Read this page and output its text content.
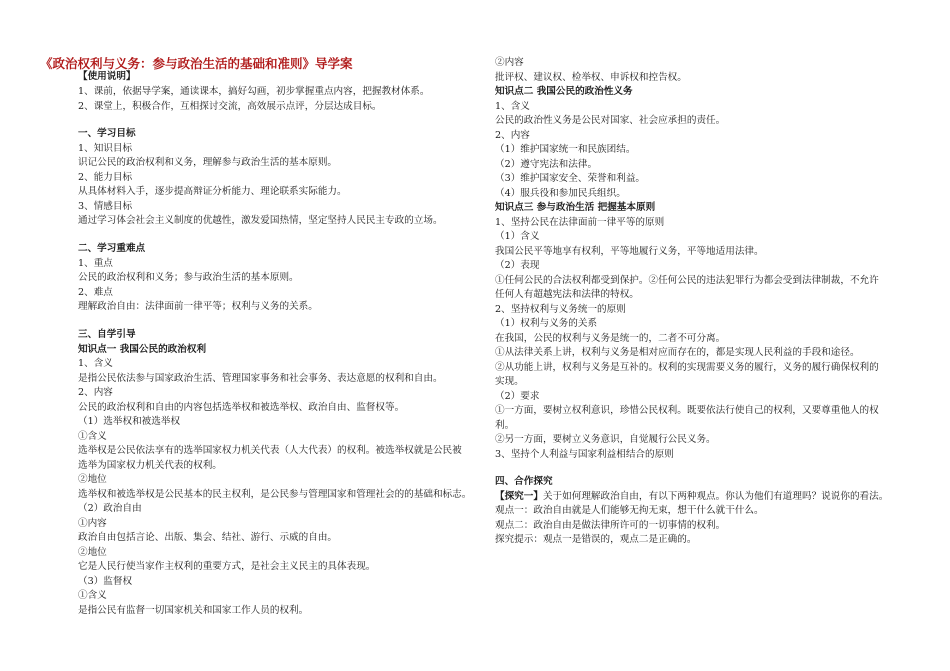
《政治权利与义务：参与政治生活的基础和准则》导学案
【使用说明】
1、课前，依据导学案，通读课本，搞好勾画，初步掌握重点内容，把握教材体系。
2、课堂上，积极合作，互相探讨交流，高效展示点评，分层达成目标。
一、学习目标
1、知识目标
识记公民的政治权利和义务，理解参与政治生活的基本原则。
2、能力目标
从具体材料入手，逐步提高辩证分析能力、理论联系实际能力。
3、情感目标
通过学习体会社会主义制度的优越性，激发爱国热情，坚定坚持人民民主专政的立场。
二、学习重难点
1、重点
公民的政治权利和义务；参与政治生活的基本原则。
2、难点
理解政治自由：法律面前一律平等；权利与义务的关系。
三、自学引导
知识点一 我国公民的政治权利
1、含义
是指公民依法参与国家政治生活、管理国家事务和社会事务、表达意愿的权利和自由。
2、内容
公民的政治权利和自由的内容包括选举权和被选举权、政治自由、监督权等。
（1）选举权和被选举权
①含义
选举权是公民依法享有的选举国家权力机关代表（人大代表）的权利。被选举权就是公民被
选举为国家权力机关代表的权利。
②地位
选举权和被选举权是公民基本的民主权利，是公民参与管理国家和管理社会的的基础和标志。
（2）政治自由
①内容
政治自由包括言论、出版、集会、结社、游行、示威的自由。
②地位
它是人民行使当家作主权利的重要方式，是社会主义民主的具体表现。
（3）监督权
①含义
是指公民有监督一切国家机关和国家工作人员的权利。
②内容
批评权、建议权、检举权、申诉权和控告权。
知识点二 我国公民的政治性义务
1、含义
公民的政治性义务是公民对国家、社会应承担的责任。
2、内容
（1）维护国家统一和民族团结。
（2）遵守宪法和法律。
（3）维护国家安全、荣誉和利益。
（4）服兵役和参加民兵组织。
知识点三 参与政治生活 把握基本原则
1、坚持公民在法律面前一律平等的原则
（1）含义
我国公民平等地享有权利，平等地履行义务，平等地适用法律。
（2）表现
①任何公民的合法权利都受到保护。②任何公民的违法犯罪行为都会受到法律制裁，不允许
任何人有超越宪法和法律的特权。
2、坚持权利与义务统一的原则
（1）权利与义务的关系
在我国，公民的权利与义务是统一的，二者不可分离。
①从法律关系上讲，权利与义务是相对应而存在的，都是实现人民利益的手段和途径。
②从功能上讲，权利与义务是互补的。权利的实现需要义务的履行，义务的履行确保权利的
实现。
（2）要求
①一方面，要树立权利意识，珍惜公民权利。既要依法行使自己的权利，又要尊重他人的权
利。
②另一方面，要树立义务意识，自觉履行公民义务。
3、坚持个人利益与国家利益相结合的原则
四、合作探究
【探究一】关于如何理解政治自由，有以下两种观点。你认为他们有道理吗？说说你的看法。
观点一：政治自由就是人们能够无拘无束，想干什么就干什么。
观点二：政治自由是做法律所许可的一切事情的权利。
探究提示：观点一是错误的，观点二是正确的。
